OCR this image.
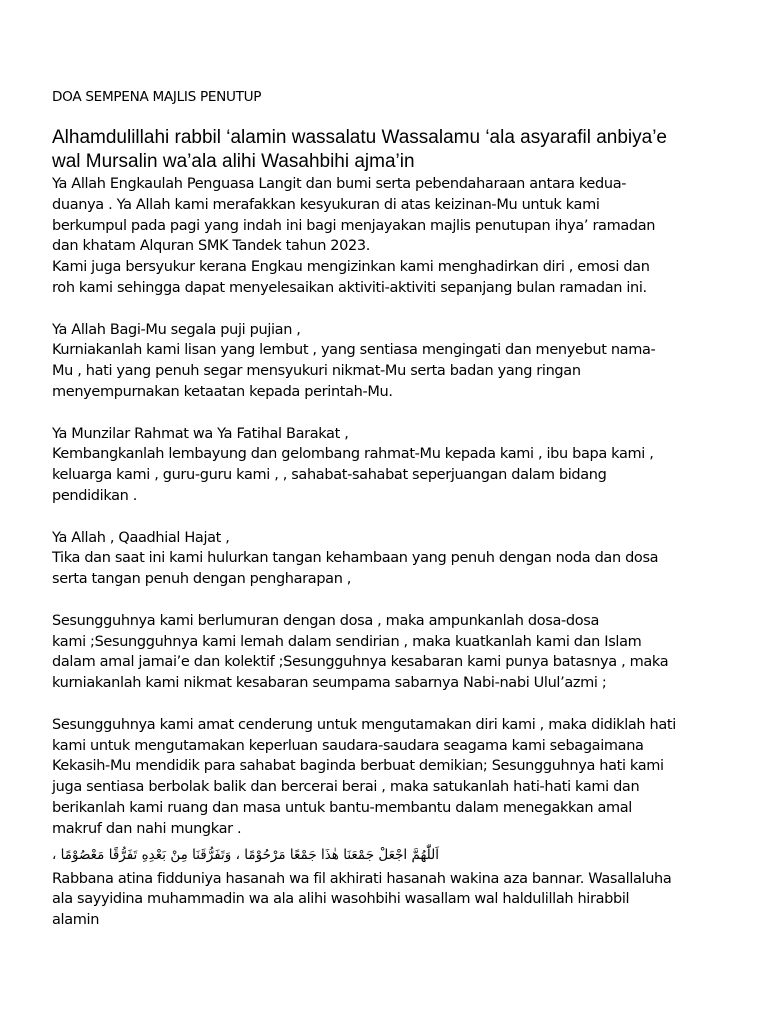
DOA SEMPENA MAJLIS PENUTUP
Alhamdulillahi rabbil ‘alamin wassalatu Wassalamu ‘ala asyarafil anbiya’e
wal Mursalin wa’ala alihi Wasahbihi ajma’in
Ya Allah Engkaulah Penguasa Langit dan bumi serta pebendaharaan antara kedua-
duanya . Ya Allah kami merafakkan kesyukuran di atas keizinan-Mu untuk kami
berkumpul pada pagi yang indah ini bagi menjayakan majlis penutupan ihya’ ramadan
dan khatam Alquran SMK Tandek tahun 2023.
Kami juga bersyukur kerana Engkau mengizinkan kami menghadirkan diri , emosi dan
roh kami sehingga dapat menyelesaikan aktiviti-aktiviti sepanjang bulan ramadan ini.
Ya Allah Bagi-Mu segala puji pujian ,
Kurniakanlah kami lisan yang lembut , yang sentiasa mengingati dan menyebut nama-
Mu , hati yang penuh segar mensyukuri nikmat-Mu serta badan yang ringan
menyempurnakan ketaatan kepada perintah-Mu.
Ya Munzilar Rahmat wa Ya Fatihal Barakat ,
Kembangkanlah lembayung dan gelombang rahmat-Mu kepada kami , ibu bapa kami ,
keluarga kami , guru-guru kami , , sahabat-sahabat seperjuangan dalam bidang
pendidikan .
Ya Allah , Qaadhial Hajat ,
Tika dan saat ini kami hulurkan tangan kehambaan yang penuh dengan noda dan dosa
serta tangan penuh dengan pengharapan ,
Sesungguhnya kami berlumuran dengan dosa , maka ampunkanlah dosa-dosa
kami ;Sesungguhnya kami lemah dalam sendirian , maka kuatkanlah kami dan Islam
dalam amal jamai’e dan kolektif ;Sesungguhnya kesabaran kami punya batasnya , maka
kurniakanlah kami nikmat kesabaran seumpama sabarnya Nabi-nabi Ulul’azmi ;
Sesungguhnya kami amat cenderung untuk mengutamakan diri kami , maka didiklah hati
kami untuk mengutamakan keperluan saudara-saudara seagama kami sebagaimana
Kekasih-Mu mendidik para sahabat baginda berbuat demikian; Sesungguhnya hati kami
juga sentiasa berbolak balik dan bercerai berai , maka satukanlah hati-hati kami dan
berikanlah kami ruang dan masa untuk bantu-membantu dalam menegakkan amal
makruf dan nahi mungkar .
اَللّٰهُمَّ اجْعَلْ جَمْعَنَا هٰذَا جَمْعًا مَرْحُوْمًا ، وَتَفَرُّقَنَا مِنْ بَعْدِهِ تَفَرُّقًا مَعْصُوْمًا ،
Rabbana atina fidduniya hasanah wa fil akhirati hasanah wakina aza bannar. Wasallaluha
ala sayyidina muhammadin wa ala alihi wasohbihi wasallam wal haldulillah hirabbil
alamin
